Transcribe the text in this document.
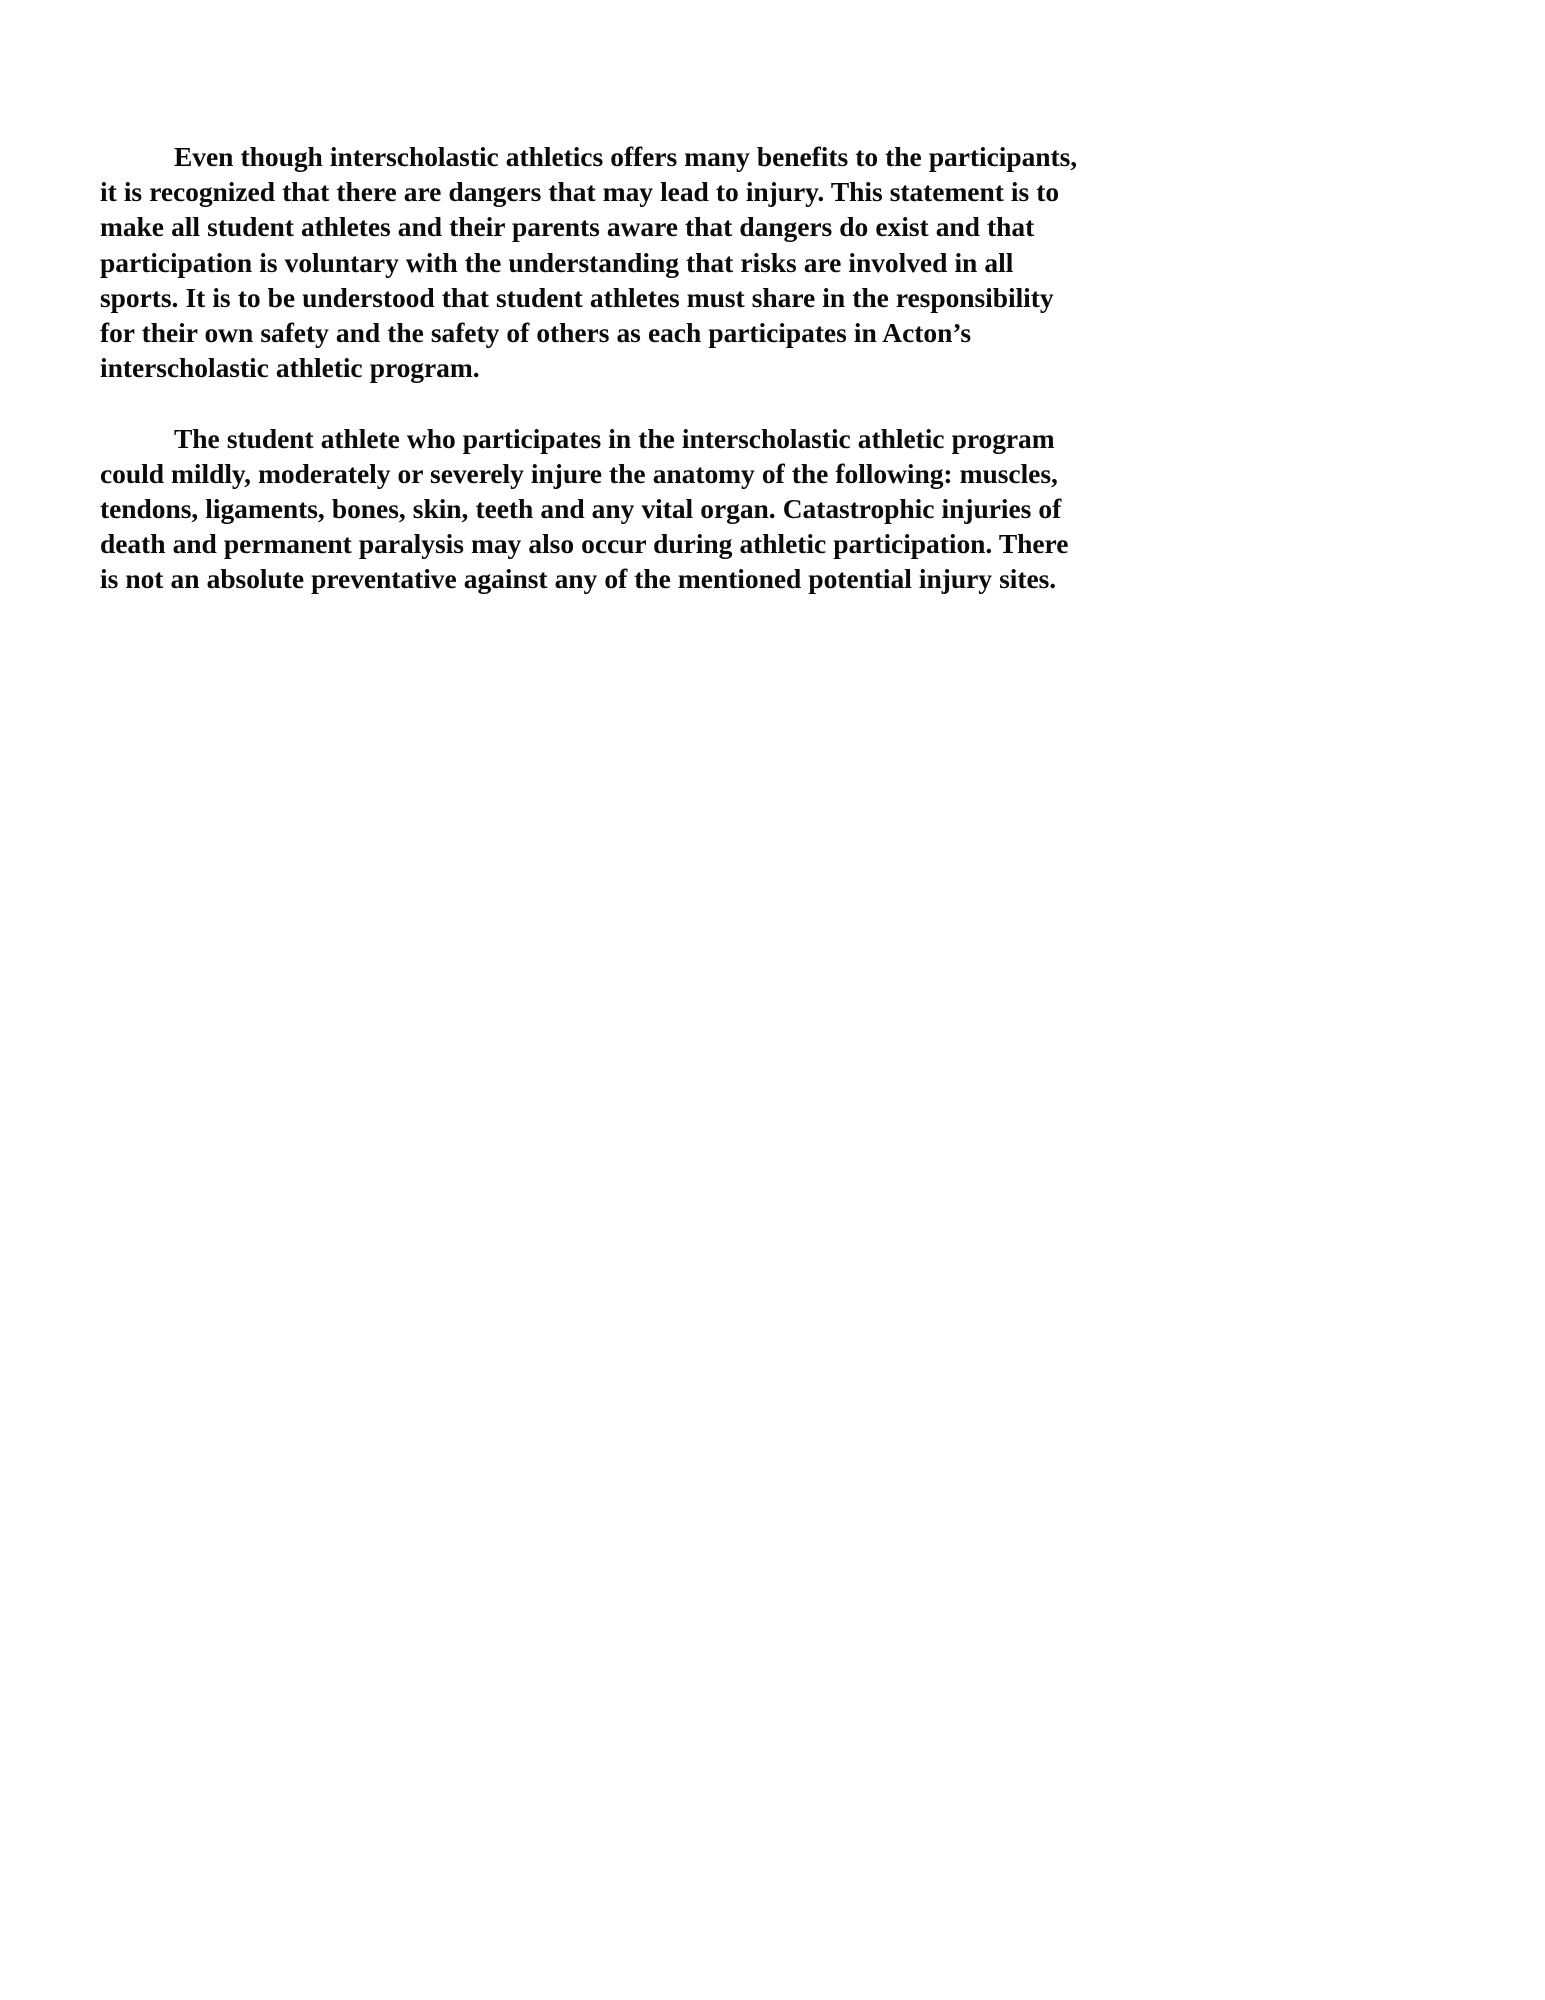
Even though interscholastic athletics offers many benefits to the participants, it is recognized that there are dangers that may lead to injury. This statement is to make all student athletes and their parents aware that dangers do exist and that participation is voluntary with the understanding that risks are involved in all sports. It is to be understood that student athletes must share in the responsibility for their own safety and the safety of others as each participates in Acton’s interscholastic athletic program.

The student athlete who participates in the interscholastic athletic program could mildly, moderately or severely injure the anatomy of the following: muscles, tendons, ligaments, bones, skin, teeth and any vital organ. Catastrophic injuries of death and permanent paralysis may also occur during athletic participation. There is not an absolute preventative against any of the mentioned potential injury sites.
